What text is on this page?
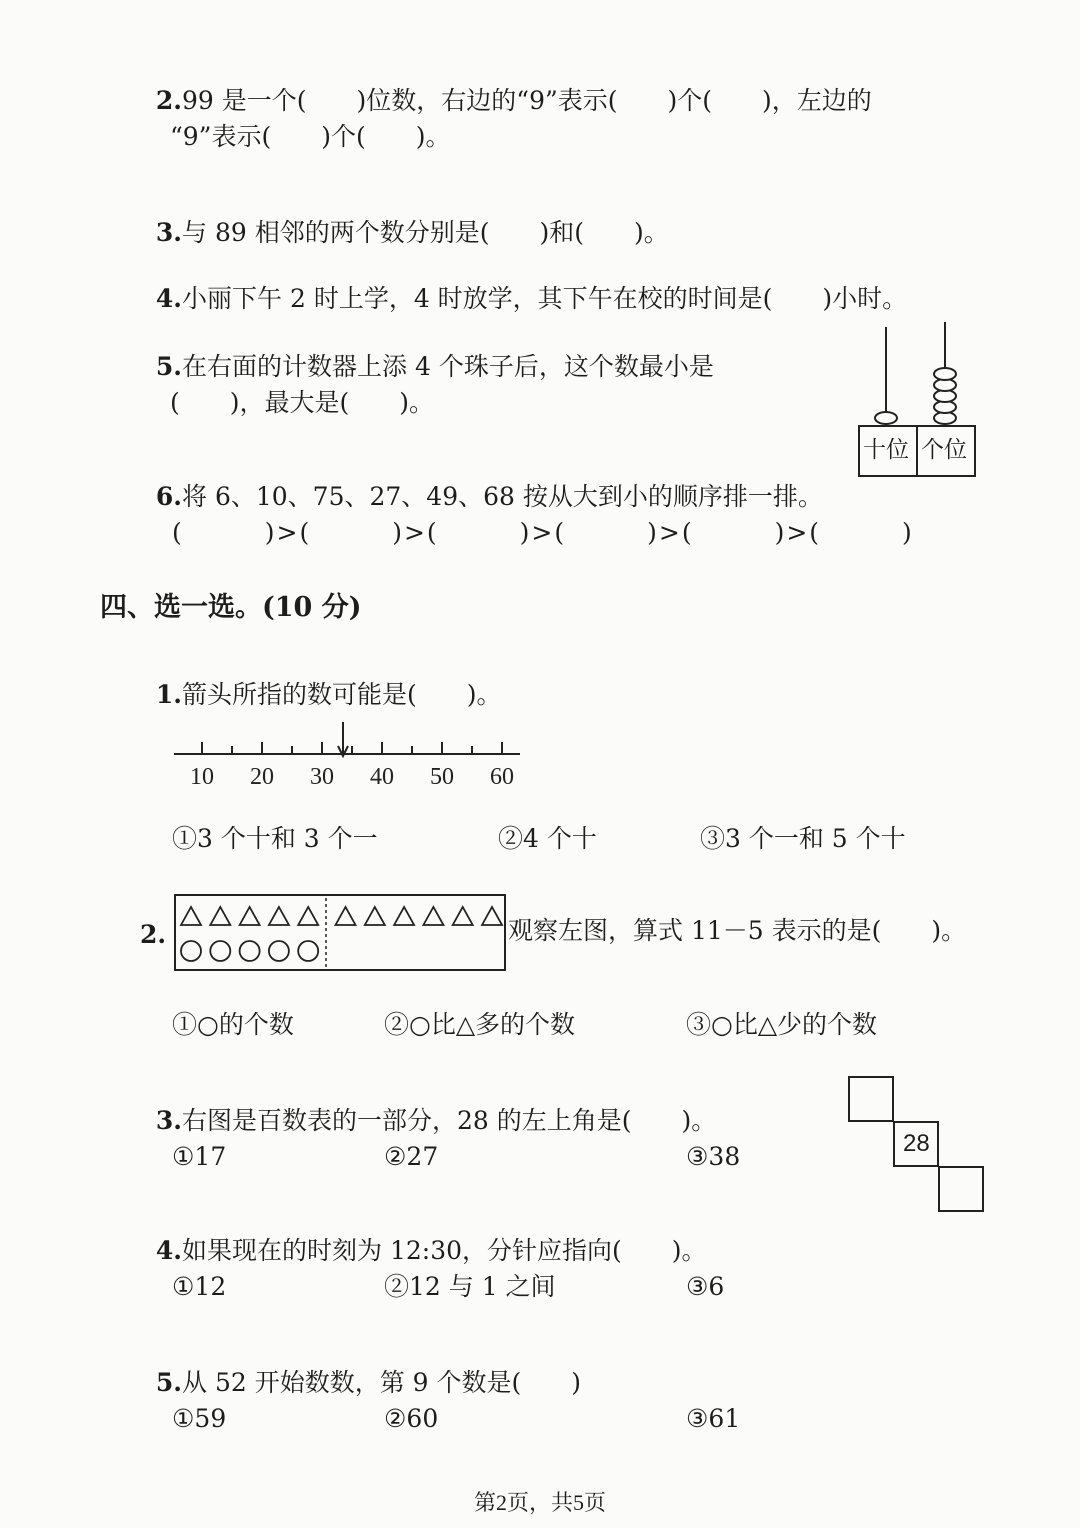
2.99 是一个(　　)位数，右边的“9”表示(　　)个(　　)，左边的

“9”表示(　　)个(　　)。

3.与 89 相邻的两个数分别是(　　)和(　　)。

4.小丽下午 2 时上学，4 时放学，其下午在校的时间是(　　)小时。

5.在右面的计数器上添 4 个珠子后，这个数最小是

(　　)，最大是(　　)。
十位 个位

6.将 6、10、75、27、49、68 按从大到小的顺序排一排。

(　　　)>(　　　)>(　　　)>(　　　)>(　　　)>(　　　)
四、选一选。(10 分)

1.箭头所指的数可能是(　　)。

10 20 30 40 50 60
①3 个十和 3 个一	②4 个十	③3 个一和 5 个十
2.	观察左图，算式 11－5 表示的是(　　)。
①○的个数	②○比△多的个数	③○比△少的个数

3.右图是百数表的一部分，28 的左上角是(　　)。

28
①17	②27	③38

4.如果现在的时刻为 12:30，分针应指向(　　)。

①12	②12 与 1 之间	③6

5.从 52 开始数数，第 9 个数是(　　)

①59	②60	③61
第2页，共5页
